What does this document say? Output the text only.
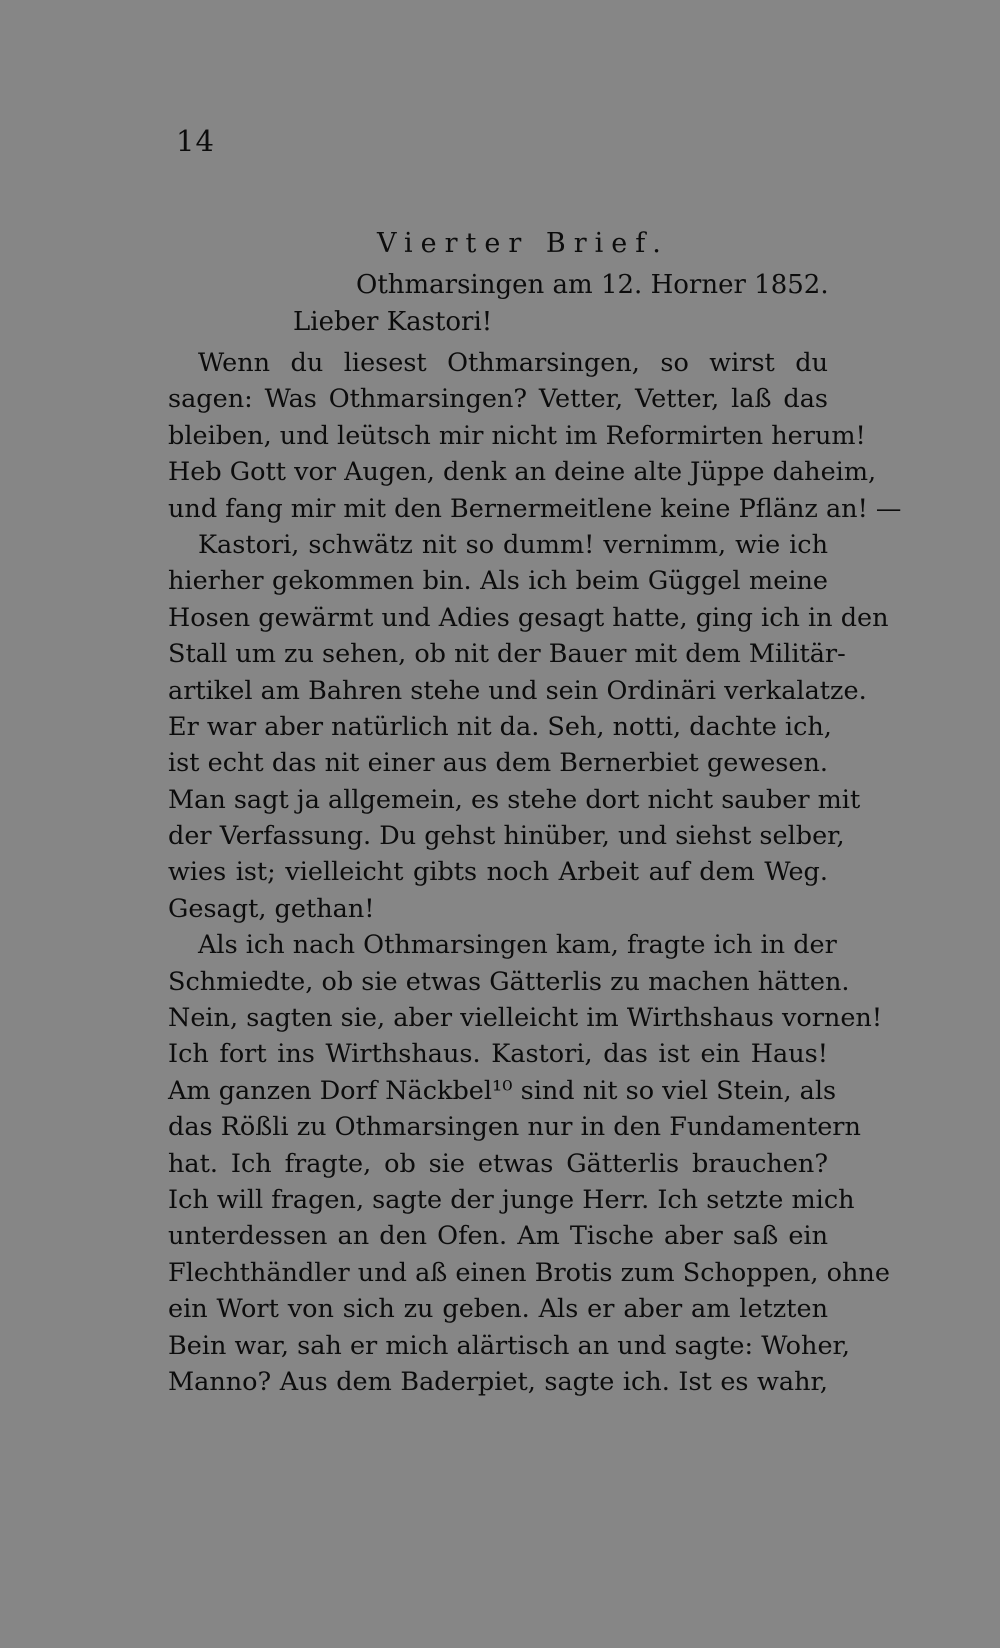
14
Vierter Brief.
Othmarsingen am 12. Horner 1852.
Lieber Kastori!
Wenn du liesest Othmarsingen, so wirst du
sagen: Was Othmarsingen? Vetter, Vetter, laß das
bleiben, und leütsch mir nicht im Reformirten herum!
Heb Gott vor Augen, denk an deine alte Jüppe daheim,
und fang mir mit den Bernermeitlene keine Pflänz an! —
Kastori, schwätz nit so dumm! vernimm, wie ich
hierher gekommen bin. Als ich beim Güggel meine
Hosen gewärmt und Adies gesagt hatte, ging ich in den
Stall um zu sehen, ob nit der Bauer mit dem Militär-
artikel am Bahren stehe und sein Ordinäri verkalatze.
Er war aber natürlich nit da. Seh, notti, dachte ich,
ist echt das nit einer aus dem Bernerbiet gewesen.
Man sagt ja allgemein, es stehe dort nicht sauber mit
der Verfassung. Du gehst hinüber, und siehst selber,
wies ist; vielleicht gibts noch Arbeit auf dem Weg.
Gesagt, gethan!
Als ich nach Othmarsingen kam, fragte ich in der
Schmiedte, ob sie etwas Gätterlis zu machen hätten.
Nein, sagten sie, aber vielleicht im Wirthshaus vornen!
Ich fort ins Wirthshaus. Kastori, das ist ein Haus!
Am ganzen Dorf Näckbel¹⁰ sind nit so viel Stein, als
das Rößli zu Othmarsingen nur in den Fundamentern
hat. Ich fragte, ob sie etwas Gätterlis brauchen?
Ich will fragen, sagte der junge Herr. Ich setzte mich
unterdessen an den Ofen. Am Tische aber saß ein
Flechthändler und aß einen Brotis zum Schoppen, ohne
ein Wort von sich zu geben. Als er aber am letzten
Bein war, sah er mich alärtisch an und sagte: Woher,
Manno? Aus dem Baderpiet, sagte ich. Ist es wahr,
